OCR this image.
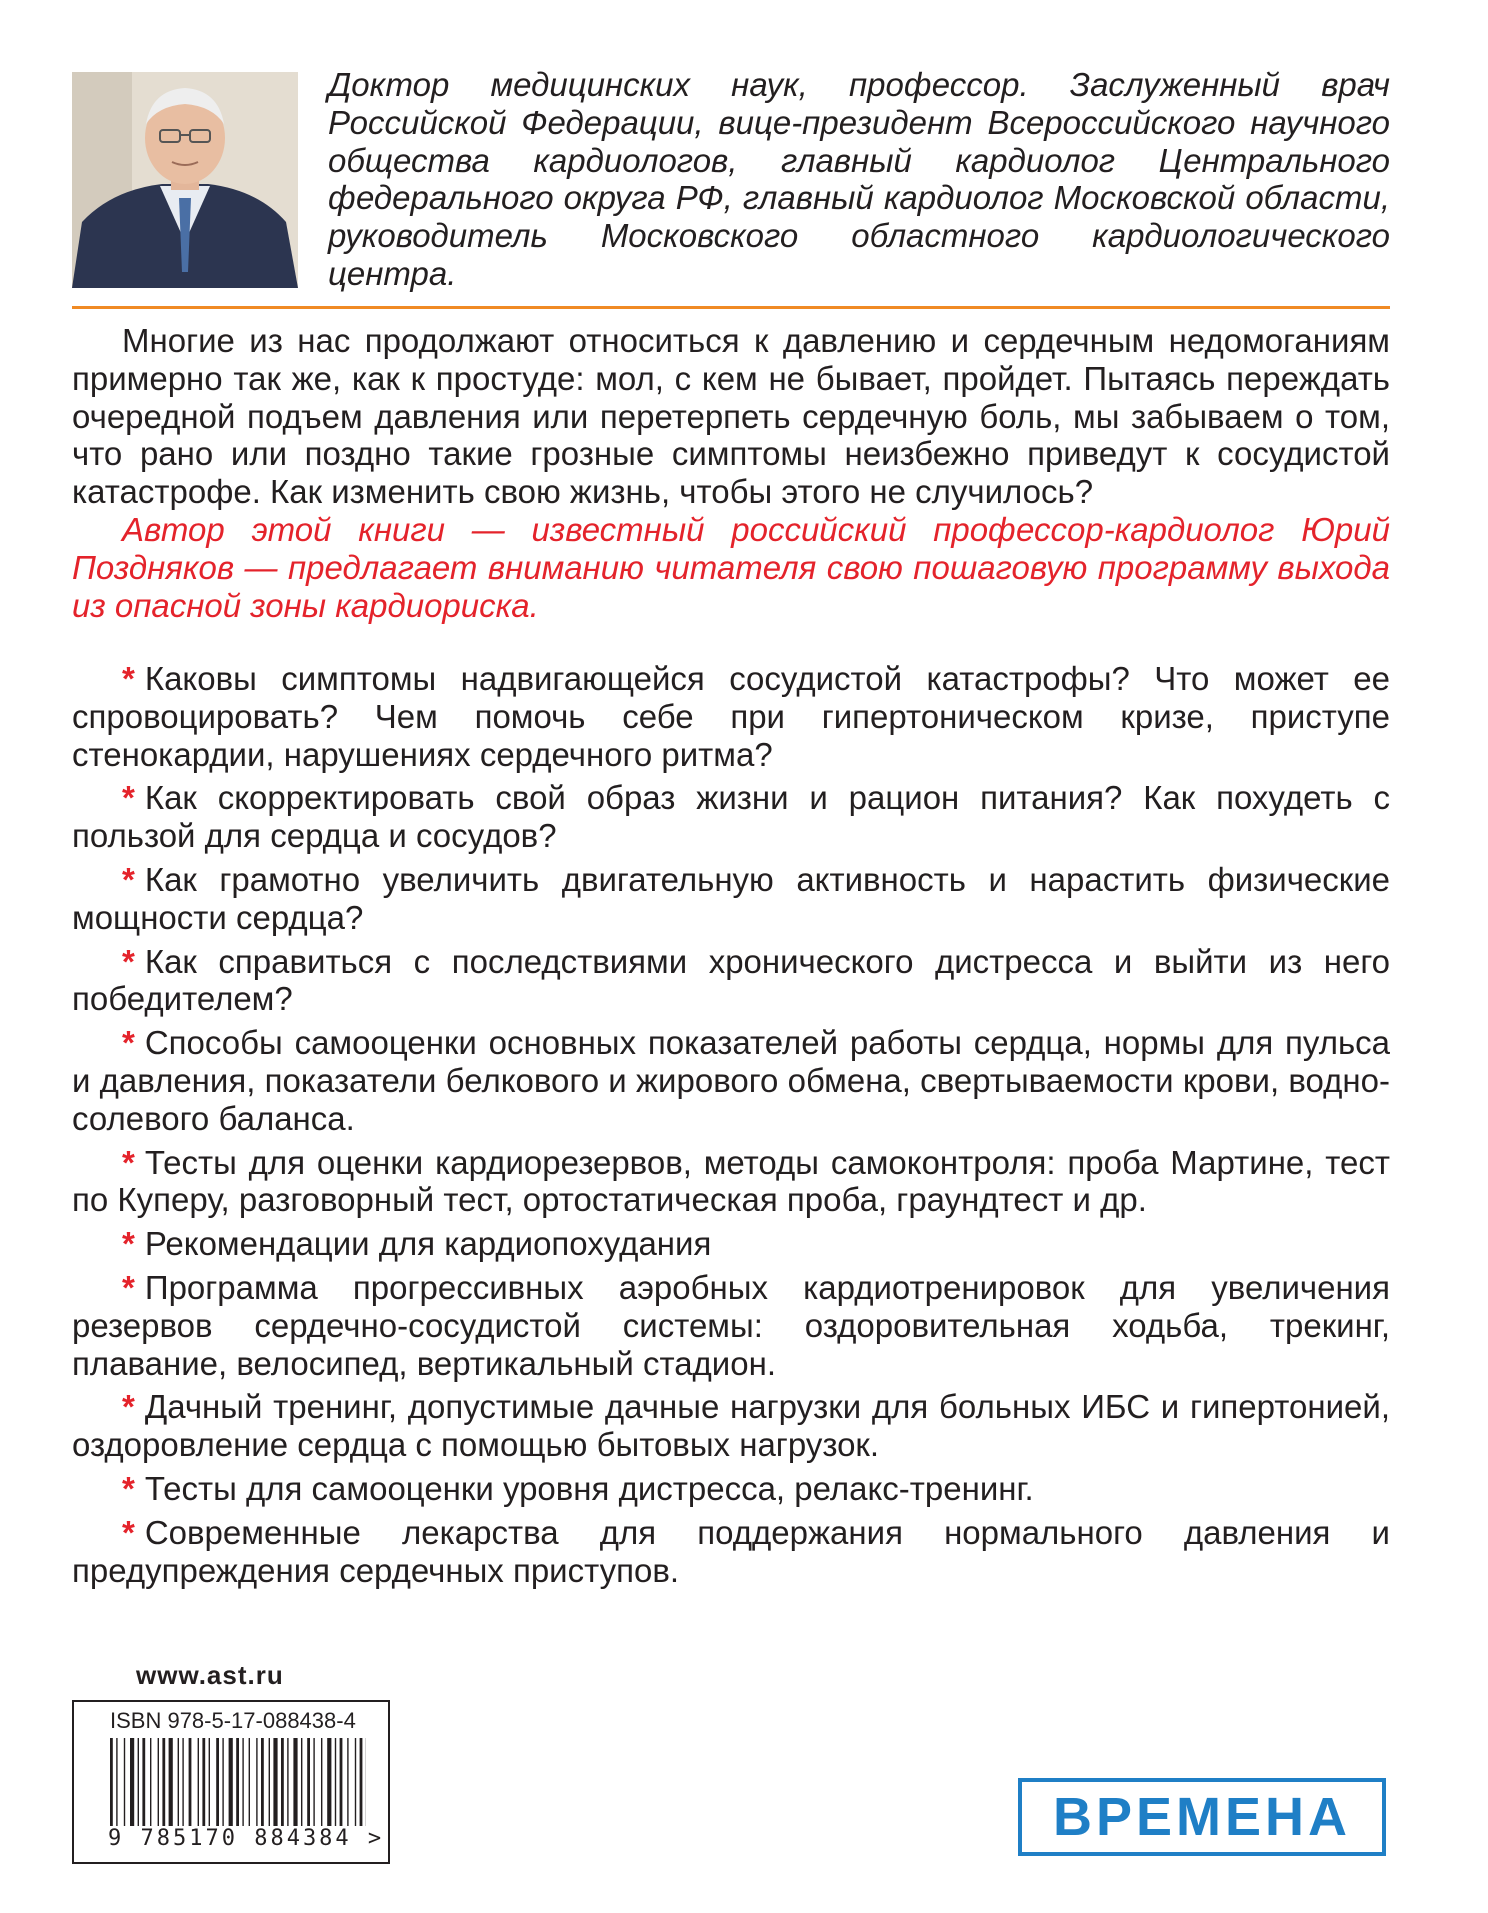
Доктор медицинских наук, профессор. Заслуженный врач Российской Федерации, вице-президент Всероссийского научного общества кардиологов, главный кардиолог Центрального федерального округа РФ, главный кардиолог Московской области, руководитель Московского областного кардиологического центра.

Многие из нас продолжают относиться к давлению и сердечным недомоганиям примерно так же, как к простуде: мол, с кем не бывает, пройдет. Пытаясь переждать очередной подъем давления или перетерпеть сердечную боль, мы забываем о том, что рано или поздно такие грозные симптомы неизбежно приведут к сосудистой катастрофе. Как изменить свою жизнь, чтобы этого не случилось?

Автор этой книги — известный российский профессор-кардиолог Юрий Поздняков — предлагает вниманию читателя свою пошаговую программу выхода из опасной зоны кардиориска.

* Каковы симптомы надвигающейся сосудистой катастрофы? Что может ее спровоцировать? Чем помочь себе при гипертоническом кризе, приступе стенокардии, нарушениях сердечного ритма?

* Как скорректировать свой образ жизни и рацион питания? Как похудеть с пользой для сердца и сосудов?

* Как грамотно увеличить двигательную активность и нарастить физические мощности сердца?

* Как справиться с последствиями хронического дистресса и выйти из него победителем?

* Способы самооценки основных показателей работы сердца, нормы для пульса и давления, показатели белкового и жирового обмена, свертываемости крови, водно-солевого баланса.

* Тесты для оценки кардиорезервов, методы самоконтроля: проба Мартине, тест по Куперу, разговорный тест, ортостатическая проба, граундтест и др.

* Рекомендации для кардиопохудания

* Программа прогрессивных аэробных кардиотренировок для увеличения резервов сердечно-сосудистой системы: оздоровительная ходьба, трекинг, плавание, велосипед, вертикальный стадион.

* Дачный тренинг, допустимые дачные нагрузки для больных ИБС и гипертонией, оздоровление сердца с помощью бытовых нагрузок.

* Тесты для самооценки уровня дистресса, релакс-тренинг.

* Современные лекарства для поддержания нормального давления и предупреждения сердечных приступов.

www.ast.ru
ISBN 978-5-17-088438-4
9 785170 884384 >	ВРЕМЕНА
